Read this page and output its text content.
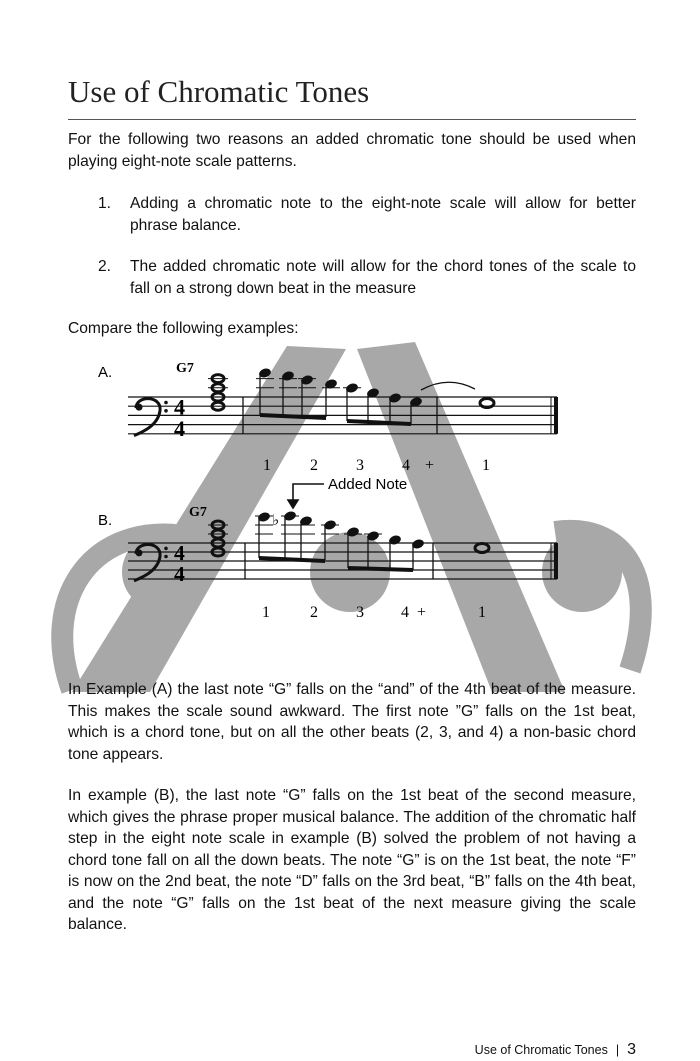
Use of Chromatic Tones

For the following two reasons an added chromatic tone should be used when playing eight-note scale patterns.

1.	Adding a chromatic note to the eight-note scale will allow for better phrase balance.
2.	The added chromatic note will allow for the chord tones of the scale to fall on a strong down beat in the measure

Compare the following examples:

A.	G7
B.	G7
4
4
4
4
♭
Added Note
1 2 3 4 +	1
1	2 3 4 +	1

In Example (A) the last note “G” falls on the “and” of the 4th beat of the measure. This makes the scale sound awkward. The first note ”G” falls on the 1st beat, which is a chord tone, but on all the other beats (2, 3, and 4) a non-basic chord tone appears.

In example (B), the last note “G” falls on the 1st beat of the second measure, which gives the phrase proper musical balance. The addition of the chromatic half step in the eight note scale in example (B) solved the problem of not having a chord tone fall on all the down beats. The note “G” is on the 1st beat, the note “F” is now on the 2nd beat, the note “D” falls on the 3rd beat, “B” falls on the 4th beat, and the note “G” falls on the 1st beat of the next measure giving the scale balance.

Use of Chromatic Tones | 3
